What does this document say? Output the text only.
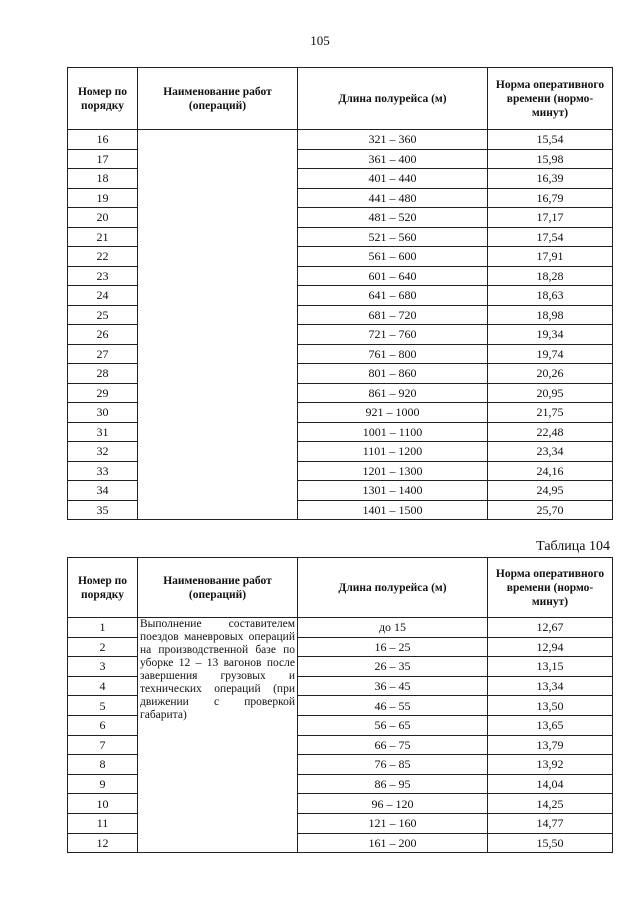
105
Номер по порядку	Наименование работ (операций)	Длина полурейса (м)	Норма оперативного времени (нормо-минут)
16		321 – 360	15,54
17		361 – 400	15,98
18		401 – 440	16,39
19		441 – 480	16,79
20		481 – 520	17,17
21		521 – 560	17,54
22		561 – 600	17,91
23		601 – 640	18,28
24		641 – 680	18,63
25		681 – 720	18,98
26		721 – 760	19,34
27		761 – 800	19,74
28		801 – 860	20,26
29		861 – 920	20,95
30		921 – 1000	21,75
31		1001 – 1100	22,48
32		1101 – 1200	23,34
33		1201 – 1300	24,16
34		1301 – 1400	24,95
35		1401 – 1500	25,70
Таблица 104
Номер по порядку	Наименование работ (операций)	Длина полурейса (м)	Норма оперативного времени (нормо-минут)
1	Выполнение составителем поездов маневровых операций на производственной базе по уборке 12 – 13 вагонов после завершения грузовых и технических операций (при движении с проверкой габарита)	до 15	12,67
2		16 – 25	12,94
3		26 – 35	13,15
4		36 – 45	13,34
5		46 – 55	13,50
6		56 – 65	13,65
7		66 – 75	13,79
8		76 – 85	13,92
9		86 – 95	14,04
10		96 – 120	14,25
11		121 – 160	14,77
12		161 – 200	15,50
